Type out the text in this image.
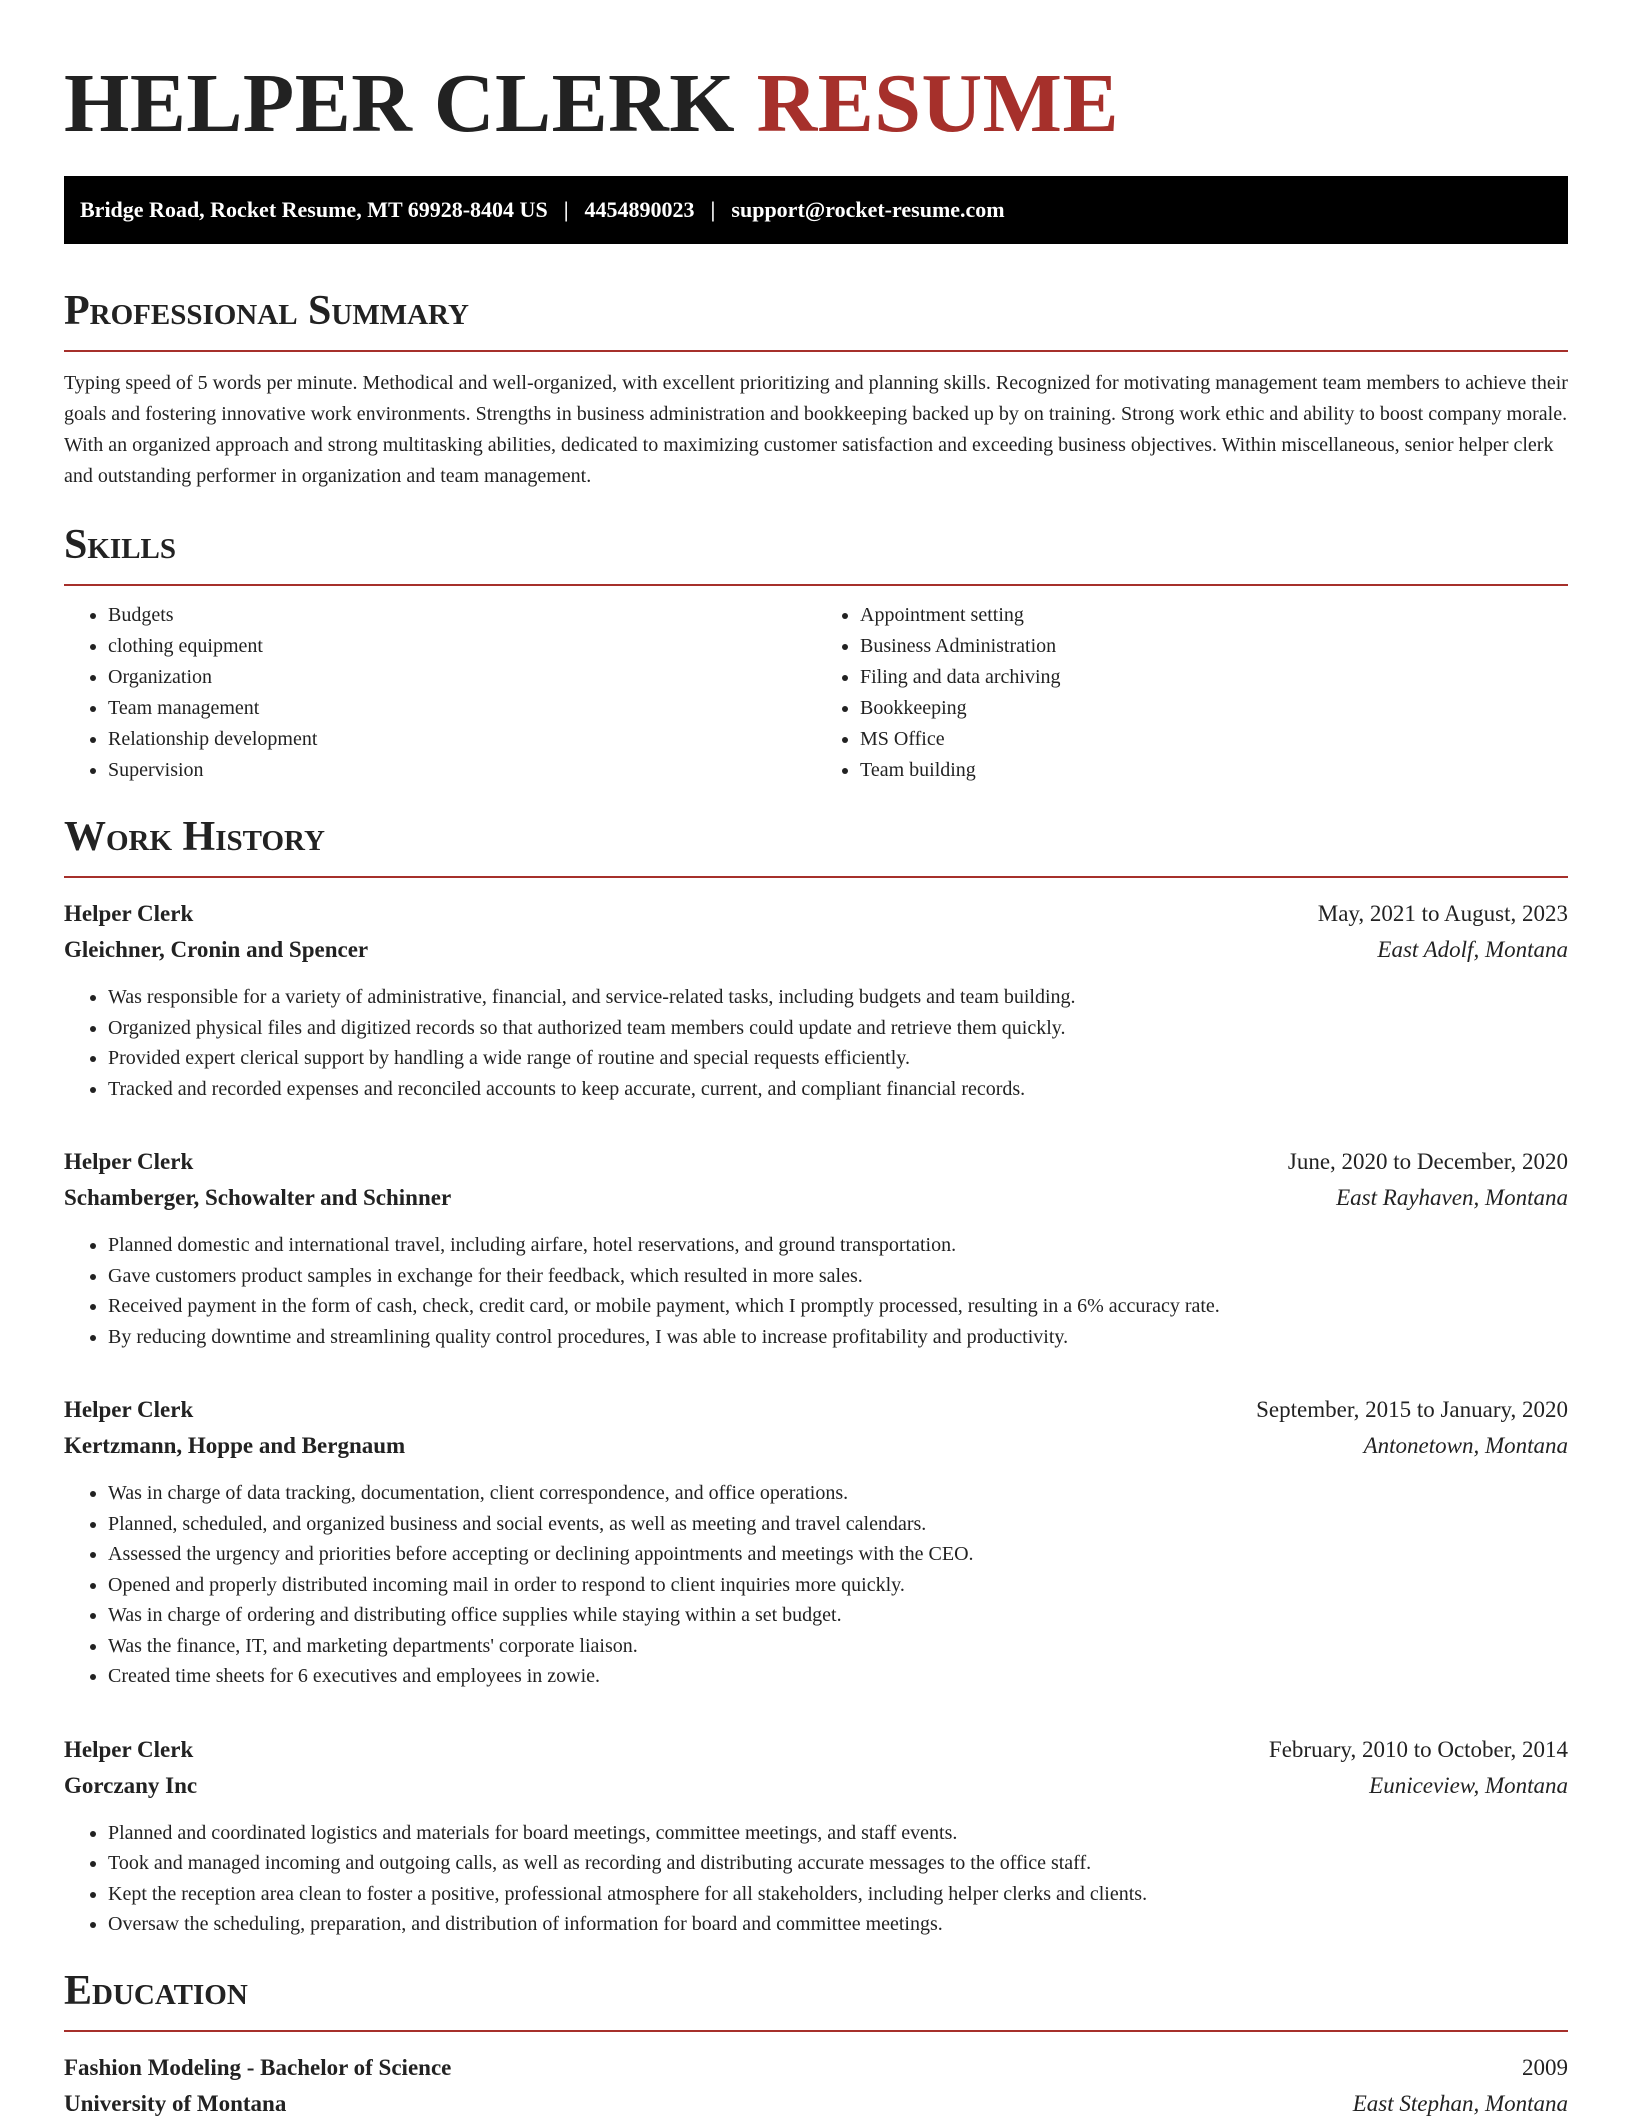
HELPER CLERK RESUME
Bridge Road, Rocket Resume, MT 69928-8404 US | 4454890023 | support@rocket-resume.com
Professional Summary

Typing speed of 5 words per minute. Methodical and well-organized, with excellent prioritizing and planning skills. Recognized for motivating management team members to achieve their goals and fostering innovative work environments. Strengths in business administration and bookkeeping backed up by on training. Strong work ethic and ability to boost company morale. With an organized approach and strong multitasking abilities, dedicated to maximizing customer satisfaction and exceeding business objectives. Within miscellaneous, senior helper clerk and outstanding performer in organization and team management.

Skills
• Budgets
• clothing equipment
• Organization
• Team management
• Relationship development
• Supervision
• Appointment setting
• Business Administration
• Filing and data archiving
• Bookkeeping
• MS Office
• Team building
Work History
Helper Clerk	May, 2021 to August, 2023
Gleichner, Cronin and Spencer	East Adolf, Montana
• Was responsible for a variety of administrative, financial, and service-related tasks, including budgets and team building.
• Organized physical files and digitized records so that authorized team members could update and retrieve them quickly.
• Provided expert clerical support by handling a wide range of routine and special requests efficiently.
• Tracked and recorded expenses and reconciled accounts to keep accurate, current, and compliant financial records.
Helper Clerk	June, 2020 to December, 2020
Schamberger, Schowalter and Schinner	East Rayhaven, Montana
• Planned domestic and international travel, including airfare, hotel reservations, and ground transportation.
• Gave customers product samples in exchange for their feedback, which resulted in more sales.
• Received payment in the form of cash, check, credit card, or mobile payment, which I promptly processed, resulting in a 6% accuracy rate.
• By reducing downtime and streamlining quality control procedures, I was able to increase profitability and productivity.
Helper Clerk	September, 2015 to January, 2020
Kertzmann, Hoppe and Bergnaum	Antonetown, Montana
• Was in charge of data tracking, documentation, client correspondence, and office operations.
• Planned, scheduled, and organized business and social events, as well as meeting and travel calendars.
• Assessed the urgency and priorities before accepting or declining appointments and meetings with the CEO.
• Opened and properly distributed incoming mail in order to respond to client inquiries more quickly.
• Was in charge of ordering and distributing office supplies while staying within a set budget.
• Was the finance, IT, and marketing departments' corporate liaison.
• Created time sheets for 6 executives and employees in zowie.
Helper Clerk	February, 2010 to October, 2014
Gorczany Inc	Euniceview, Montana
• Planned and coordinated logistics and materials for board meetings, committee meetings, and staff events.
• Took and managed incoming and outgoing calls, as well as recording and distributing accurate messages to the office staff.
• Kept the reception area clean to foster a positive, professional atmosphere for all stakeholders, including helper clerks and clients.
• Oversaw the scheduling, preparation, and distribution of information for board and committee meetings.
Education
Fashion Modeling - Bachelor of Science	2009
University of Montana	East Stephan, Montana
